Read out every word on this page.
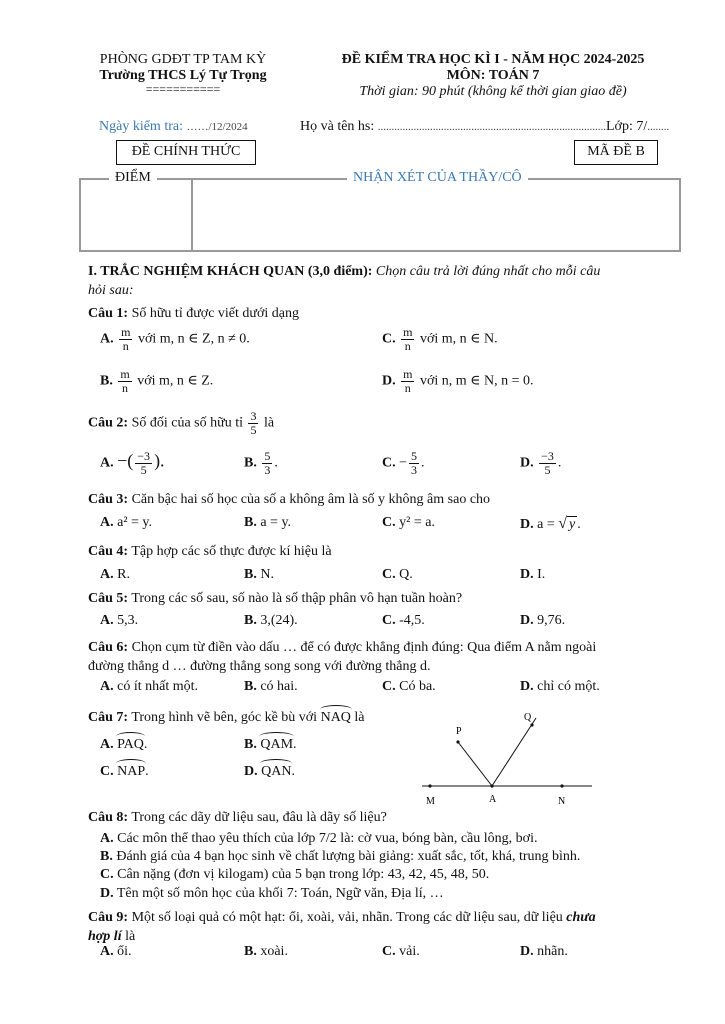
PHÒNG GDĐT TP TAM KỲ
Trường THCS Lý Tự Trọng
===========
ĐỀ KIỂM TRA HỌC KÌ I - NĂM HỌC 2024-2025
MÔN: TOÁN 7
Thời gian: 90 phút (không kể thời gian giao đề)
Ngày kiểm tra: ……/12/2024	Họ và tên hs: ................................................................................... Lớp: 7/........
ĐỀ CHÍNH THỨC	MÃ ĐỀ B
ĐIỂM	NHẬN XÉT CỦA THẦY/CÔ
I. TRẮC NGHIỆM KHÁCH QUAN (3,0 điểm): Chọn câu trả lời đúng nhất cho mỗi câu
hỏi sau:
Câu 1: Số hữu tỉ được viết dưới dạng
A. $\frac{m}{n}$ với m, n ∈ Z, n ≠ 0.	C. $\frac{m}{n}$ với m, n ∈ N.
B. $\frac{m}{n}$ với m, n ∈ Z.	D. $\frac{m}{n}$ với n, m ∈ N, n = 0.
Câu 2: Số đối của số hữu tỉ $\frac{3}{5}$ là
A. −( $\frac{-3}{5}$ ).	B. $\frac{5}{3}$ .	C. − $\frac{5}{3}$ .	D. $\frac{-3}{5}$ .
Câu 3: Căn bậc hai số học của số a không âm là số y không âm sao cho
A. a² = y.	B. a = y.	C. y² = a.	D. a = √ y .
Câu 4: Tập hợp các số thực được kí hiệu là
A. R.	B. N.	C. Q.	D. I.
Câu 5: Trong các số sau, số nào là số thập phân vô hạn tuần hoàn?
A. 5,3.	B. 3,(24).	C. -4,5.	D. 9,76.
Câu 6: Chọn cụm từ điền vào dấu … để có được khẳng định đúng: Qua điểm A nằm ngoài
đường thẳng d … đường thẳng song song với đường thẳng d.
A. có ít nhất một.	B. có hai.	C. Có ba.	D. chỉ có một.
Câu 7: Trong hình vẽ bên, góc kề bù với NAQ là
A. PAQ.	B. QAM.
C. NAP.	D. QAN.
P
Q
M	A	N
Câu 8: Trong các dãy dữ liệu sau, đâu là dãy số liệu?
A. Các môn thể thao yêu thích của lớp 7/2 là: cờ vua, bóng bàn, cầu lông, bơi.
B. Đánh giá của 4 bạn học sinh về chất lượng bài giảng: xuất sắc, tốt, khá, trung bình.
C. Cân nặng (đơn vị kilogam) của 5 bạn trong lớp: 43, 42, 45, 48, 50.
D. Tên một số môn học của khối 7: Toán, Ngữ văn, Địa lí, …
Câu 9: Một số loại quả có một hạt: ổi, xoài, vải, nhãn. Trong các dữ liệu sau, dữ liệu chưa
hợp lí là
A. ổi.	B. xoài.	C. vải.	D. nhãn.
